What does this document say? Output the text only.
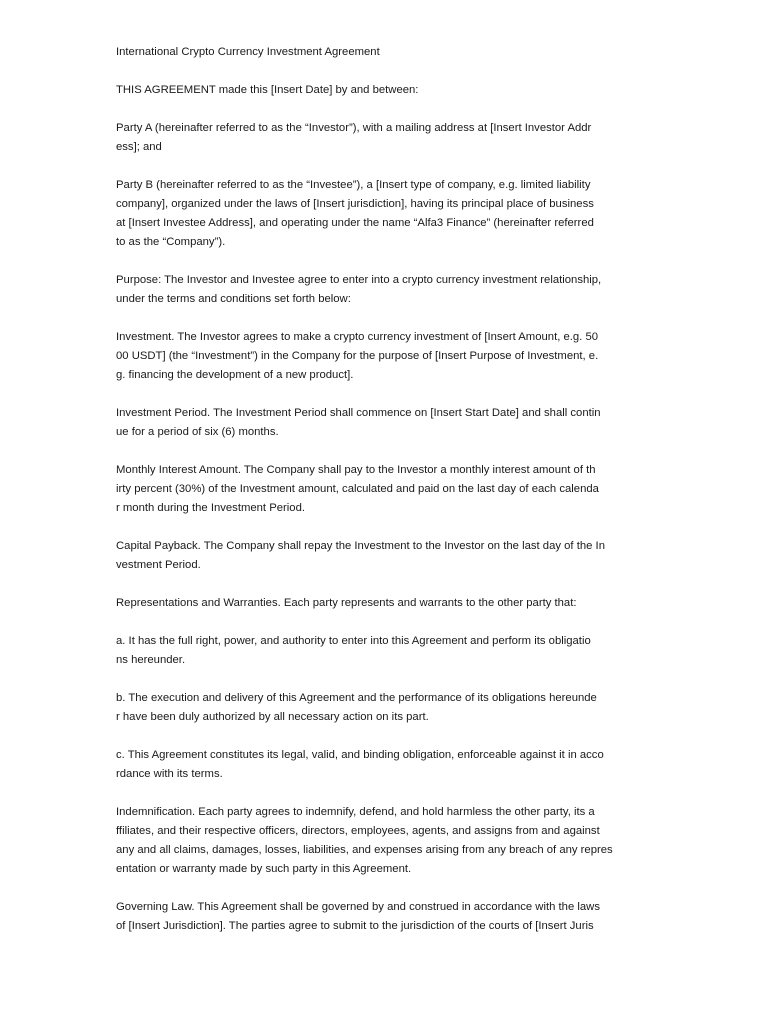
International Crypto Currency Investment Agreement

THIS AGREEMENT made this [Insert Date] by and between:

Party A (hereinafter referred to as the “Investor”), with a mailing address at [Insert Investor Addr
ess]; and

Party B (hereinafter referred to as the “Investee”), a [Insert type of company, e.g. limited liability
company], organized under the laws of [Insert jurisdiction], having its principal place of business
at [Insert Investee Address], and operating under the name “Alfa3 Finance” (hereinafter referred
to as the “Company”).

Purpose: The Investor and Investee agree to enter into a crypto currency investment relationship,
under the terms and conditions set forth below:

Investment. The Investor agrees to make a crypto currency investment of [Insert Amount, e.g. 50
00 USDT] (the “Investment”) in the Company for the purpose of [Insert Purpose of Investment, e.
g. financing the development of a new product].

Investment Period. The Investment Period shall commence on [Insert Start Date] and shall contin
ue for a period of six (6) months.

Monthly Interest Amount. The Company shall pay to the Investor a monthly interest amount of th
irty percent (30%) of the Investment amount, calculated and paid on the last day of each calenda
r month during the Investment Period.

Capital Payback. The Company shall repay the Investment to the Investor on the last day of the In
vestment Period.

Representations and Warranties. Each party represents and warrants to the other party that:

a. It has the full right, power, and authority to enter into this Agreement and perform its obligatio
ns hereunder.

b. The execution and delivery of this Agreement and the performance of its obligations hereunde
r have been duly authorized by all necessary action on its part.

c. This Agreement constitutes its legal, valid, and binding obligation, enforceable against it in acco
rdance with its terms.

Indemnification. Each party agrees to indemnify, defend, and hold harmless the other party, its a
ffiliates, and their respective officers, directors, employees, agents, and assigns from and against
any and all claims, damages, losses, liabilities, and expenses arising from any breach of any repres
entation or warranty made by such party in this Agreement.

Governing Law. This Agreement shall be governed by and construed in accordance with the laws
of [Insert Jurisdiction]. The parties agree to submit to the jurisdiction of the courts of [Insert Juris
